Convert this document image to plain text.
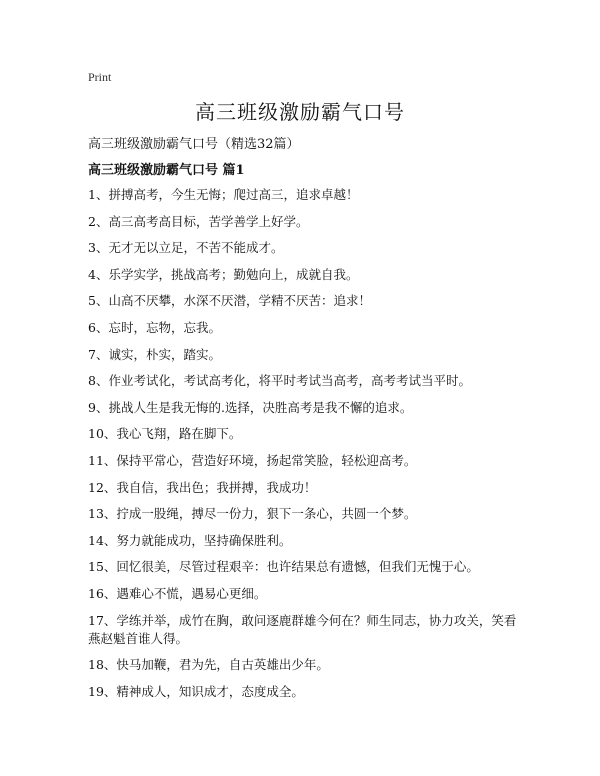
Print
高三班级激励霸气口号
高三班级激励霸气口号（精选32篇）
高三班级激励霸气口号 篇1
1、拼搏高考，今生无悔；爬过高三，追求卓越！
2、高三高考高目标，苦学善学上好学。
3、无才无以立足，不苦不能成才。
4、乐学实学，挑战高考；勤勉向上，成就自我。
5、山高不厌攀，水深不厌潜，学精不厌苦：追求！
6、忘时，忘物，忘我。
7、诚实，朴实，踏实。
8、作业考试化，考试高考化，将平时考试当高考，高考考试当平时。
9、挑战人生是我无悔的.选择，决胜高考是我不懈的追求。
10、我心飞翔，路在脚下。
11、保持平常心，营造好环境，扬起常笑脸，轻松迎高考。
12、我自信，我出色；我拼搏，我成功！
13、拧成一股绳，搏尽一份力，狠下一条心，共圆一个梦。
14、努力就能成功，坚持确保胜利。
15、回忆很美，尽管过程艰辛：也许结果总有遗憾，但我们无愧于心。
16、遇难心不慌，遇易心更细。
17、学练并举，成竹在胸，敢问逐鹿群雄今何在？师生同志，协力攻关，笑看燕赵魁首谁人得。
18、快马加鞭，君为先，自古英雄出少年。
19、精神成人，知识成才，态度成全。
